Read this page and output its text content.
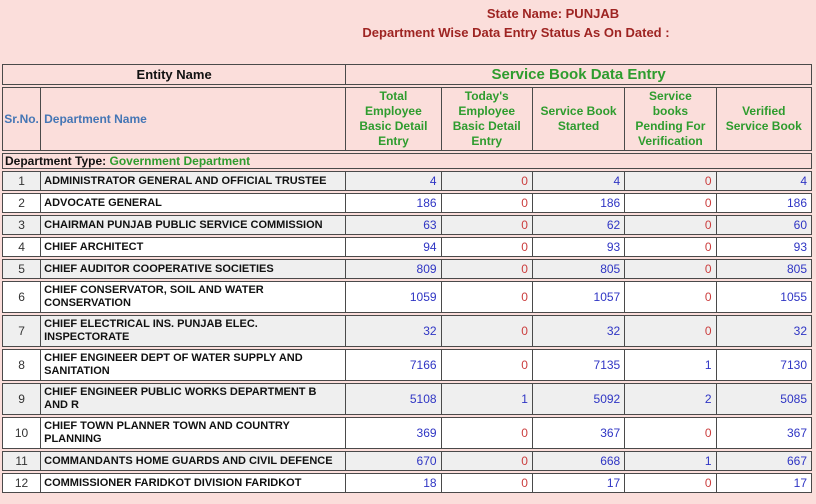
State Name: PUNJAB
Department Wise Data Entry Status As On Dated :
Entity Name		Service Book Data Entry				
Sr.No.	Department Name	Total Employee Basic Detail Entry	Today's Employee Basic Detail Entry	Service Book Started	Service books Pending For Verification	Verified Service Book
Department Type: Government Department						
1	ADMINISTRATOR GENERAL AND OFFICIAL TRUSTEE	4	0	4	0	4
2	ADVOCATE GENERAL	186	0	186	0	186
3	CHAIRMAN PUNJAB PUBLIC SERVICE COMMISSION	63	0	62	0	60
4	CHIEF ARCHITECT	94	0	93	0	93
5	CHIEF AUDITOR COOPERATIVE SOCIETIES	809	0	805	0	805
6	CHIEF CONSERVATOR, SOIL AND WATER CONSERVATION	1059	0	1057	0	1055
7	CHIEF ELECTRICAL INS. PUNJAB ELEC. INSPECTORATE	32	0	32	0	32
8	CHIEF ENGINEER DEPT OF WATER SUPPLY AND SANITATION	7166	0	7135	1	7130
9	CHIEF ENGINEER PUBLIC WORKS DEPARTMENT B AND R	5108	1	5092	2	5085
10	CHIEF TOWN PLANNER TOWN AND COUNTRY PLANNING	369	0	367	0	367
11	COMMANDANTS HOME GUARDS AND CIVIL DEFENCE	670	0	668	1	667
12	COMMISSIONER FARIDKOT DIVISION FARIDKOT	18	0	17	0	17
